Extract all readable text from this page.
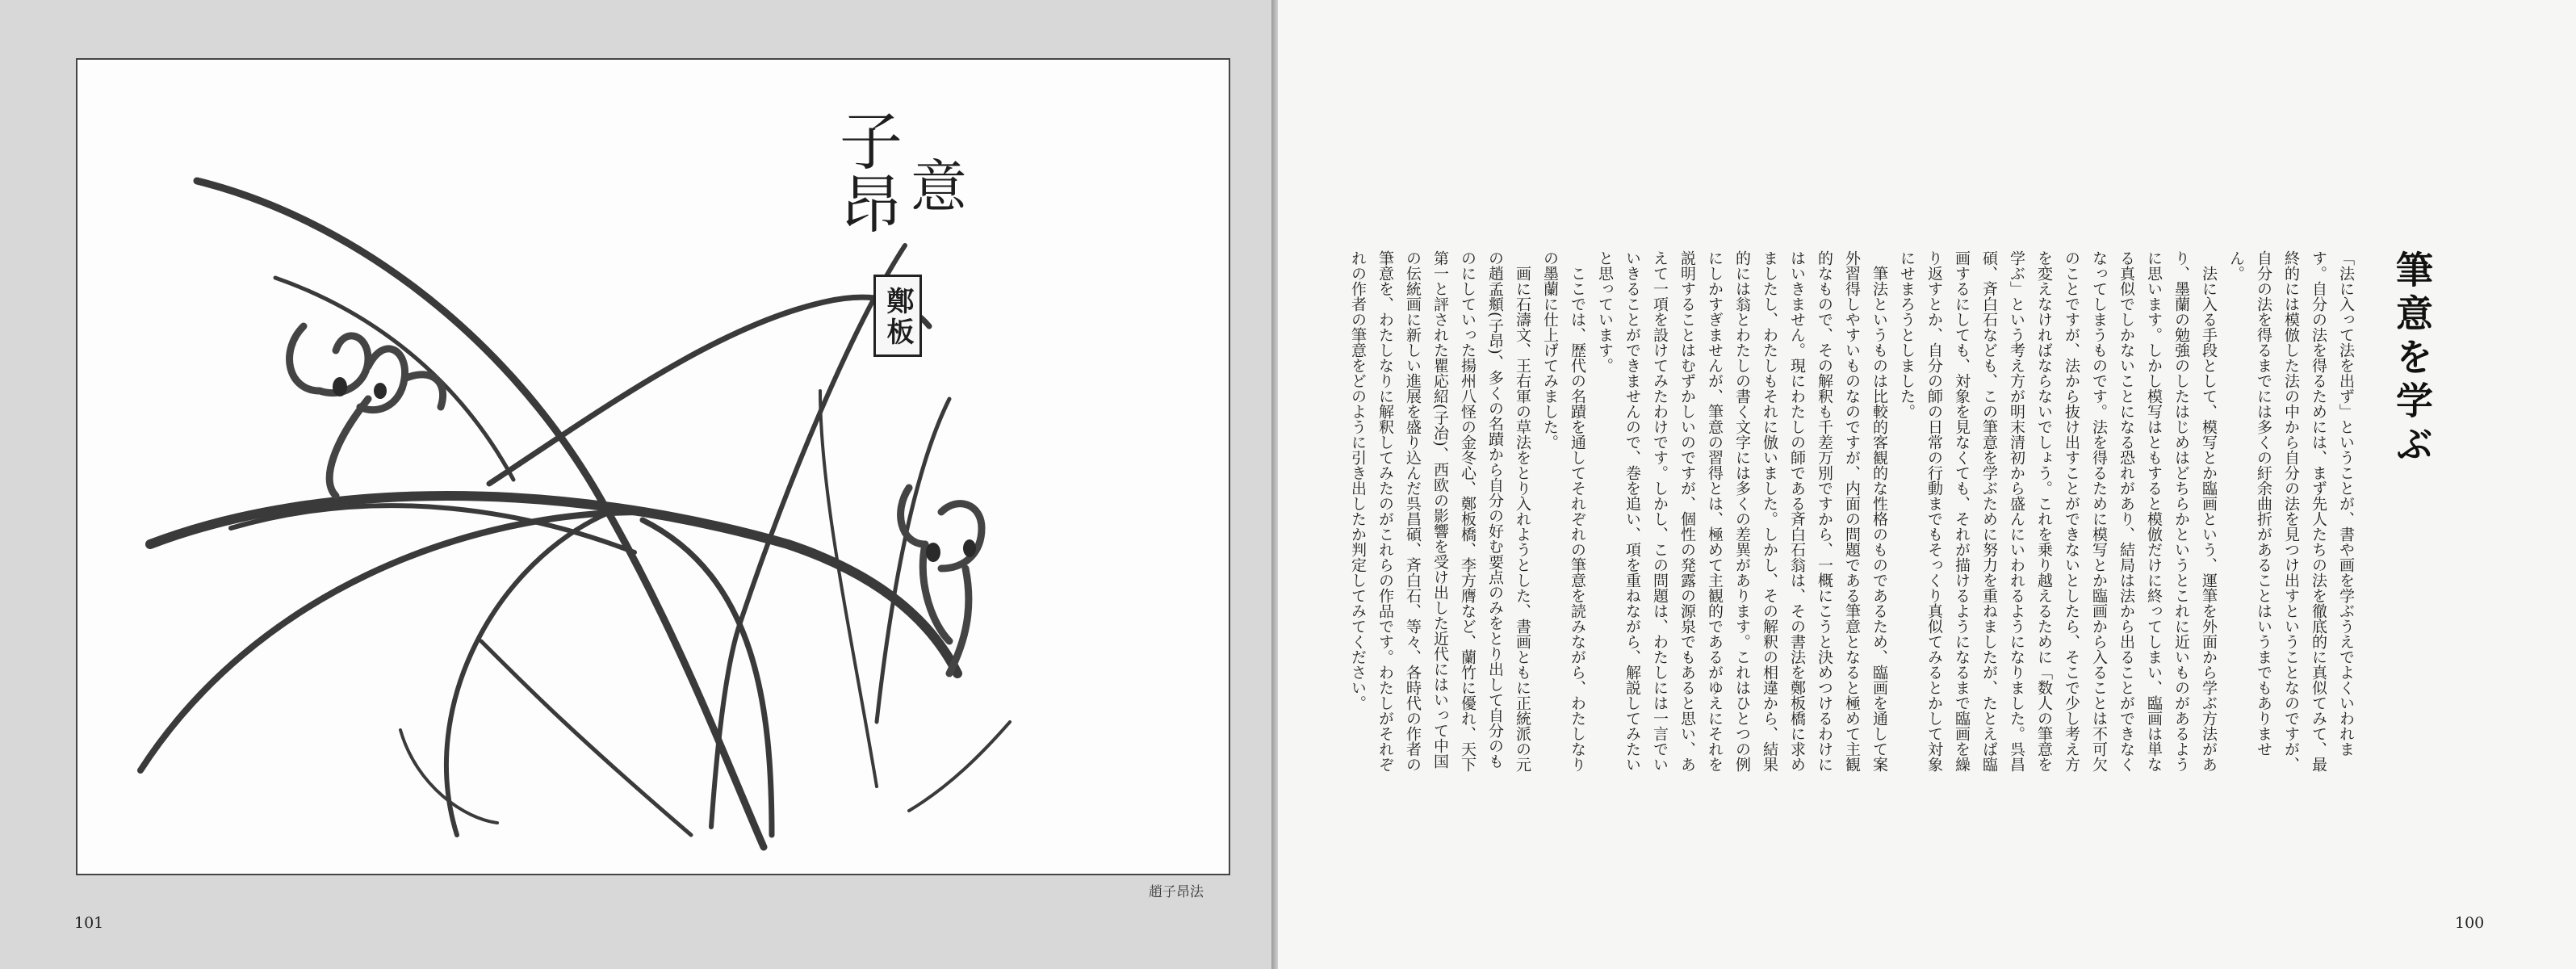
子昂 意
鄭
板
趙子昂法
101
筆意を学ぶ

「法に入って法を出ず」ということが、書や画を学ぶうえでよくいわれます。自分の法を得るためには、まず先人たちの法を徹底的に真似てみて、最終的には模倣した法の中から自分の法を見つけ出すということなのですが、自分の法を得るまでには多くの紆余曲折があることはいうまでもありません。

法に入る手段として、模写とか臨画という、運筆を外面から学ぶ方法があり、墨蘭の勉強のしたはじめはどちらかというとこれに近いものがあるように思います。しかし模写はともすると模倣だけに終ってしまい、臨画は単なる真似でしかないことになる恐れがあり、結局は法から出ることができなくなってしまうものです。法を得るために模写とか臨画から入ることは不可欠のことですが、法から抜け出すことができないとしたら、そこで少し考え方を変えなければならないでしょう。これを乗り越えるために「数人の筆意を学ぶ」という考え方が明末清初から盛んにいわれるようになりました。呉昌碩、斉白石なども、この筆意を学ぶために努力を重ねましたが、たとえば臨画するにしても、対象を見なくても、それが描けるようになるまで臨画を繰り返すとか、自分の師の日常の行動までもそっくり真似てみるとかして対象にせまろうとしました。

筆法というものは比較的客観的な性格のものであるため、臨画を通して案外習得しやすいものなのですが、内面の問題である筆意となると極めて主観的なもので、その解釈も千差万別ですから、一概にこうと決めつけるわけにはいきません。現にわたしの師である斉白石翁は、その書法を鄭板橋に求めましたし、わたしもそれに倣いました。しかし、その解釈の相違から、結果的には翁とわたしの書く文字には多くの差異があります。これはひとつの例にしかすぎませんが、筆意の習得とは、極めて主観的であるがゆえにそれを説明することはむずかしいのですが、個性の発露の源泉でもあると思い、あえて一項を設けてみたわけです。しかし、この問題は、わたしには一言でいいきることができませんので、巻を追い、項を重ねながら、解説してみたいと思っています。

ここでは、歴代の名蹟を通してそれぞれの筆意を読みながら、わたしなりの墨蘭に仕上げてみました。

画に石濤文、王右軍の草法をとり入れようとした、書画ともに正統派の元の趙孟頫(子昂)、多くの名蹟から自分の好む要点のみをとり出して自分のものにしていった揚州八怪の金冬心、鄭板橋、李方膺など、蘭竹に優れ、天下第一と評された瞿応紹(子冶)、西欧の影響を受け出した近代にはいって中国の伝統画に新しい進展を盛り込んだ呉昌碩、斉白石、等々、各時代の作者の筆意を、わたしなりに解釈してみたのがこれらの作品です。わたしがそれぞれの作者の筆意をどのように引き出したか判定してみてください。

100
